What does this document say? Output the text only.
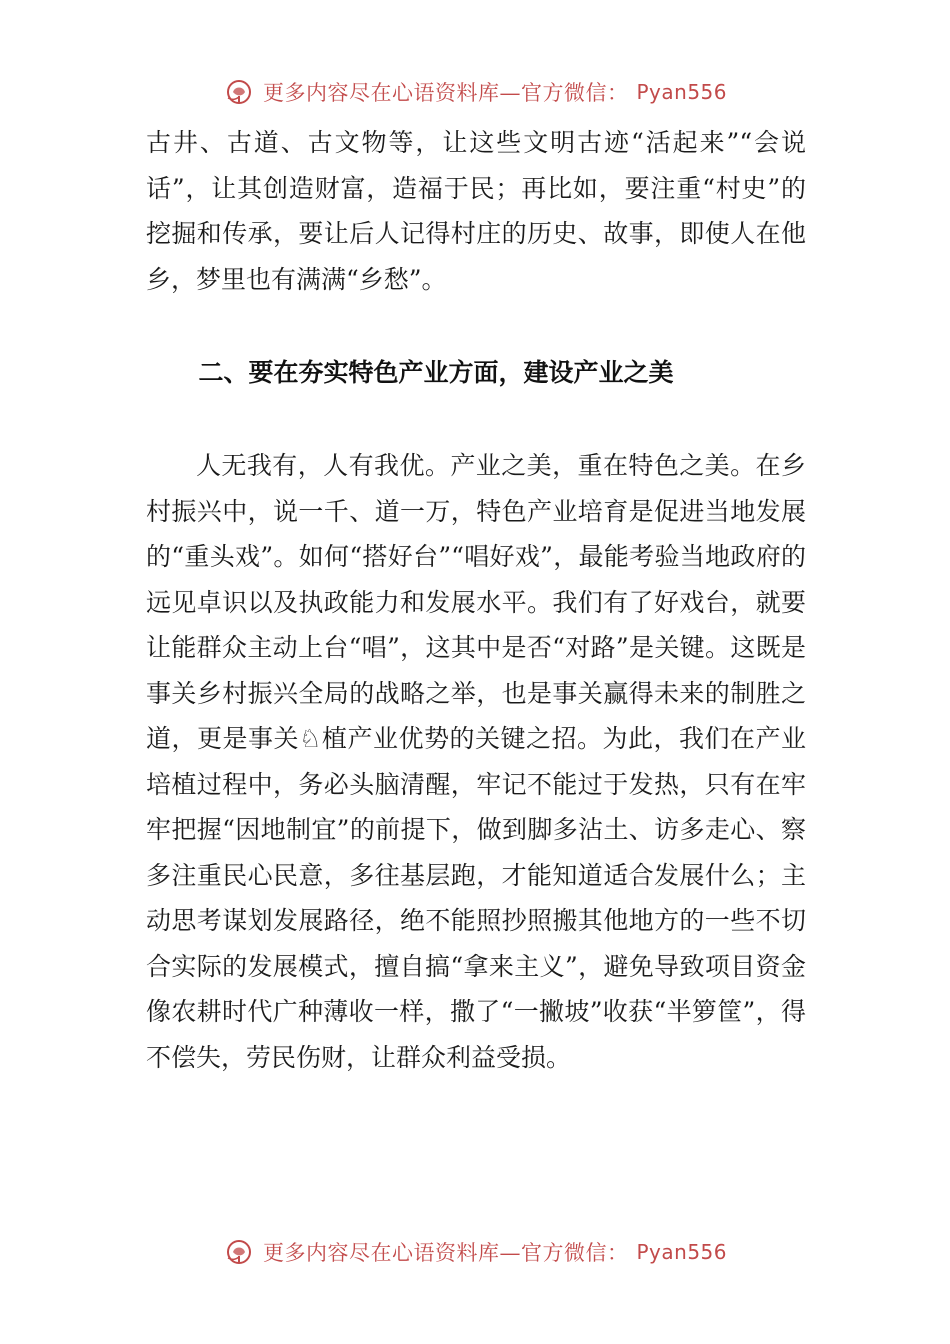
更多内容尽在心语资料库—官方微信： Pyan556

古井、古道、古文物等，让这些文明古迹“活起来”“会说话”，让其创造财富，造福于民；再比如，要注重“村史”的挖掘和传承，要让后人记得村庄的历史、故事，即使人在他乡，梦里也有满满“乡愁”。

二、要在夯实特色产业方面，建设产业之美

人无我有，人有我优。产业之美，重在特色之美。在乡村振兴中，说一千、道一万，特色产业培育是促进当地发展的“重头戏”。如何“搭好台”“唱好戏”，最能考验当地政府的远见卓识以及执政能力和发展水平。我们有了好戏台，就要让能群众主动上台“唱”，这其中是否“对路”是关键。这既是事关乡村振兴全局的战略之举，也是事关赢得未来的制胜之道，更是事关♘植产业优势的关键之招。为此，我们在产业培植过程中，务必头脑清醒，牢记不能过于发热，只有在牢牢把握“因地制宜”的前提下，做到脚多沾土、访多走心、察多注重民心民意，多往基层跑，才能知道适合发展什么；主动思考谋划发展路径，绝不能照抄照搬其他地方的一些不切合实际的发展模式，擅自搞“拿来主义”，避免导致项目资金像农耕时代广种薄收一样，撒了“一撇坡”收获“半箩筐”，得不偿失，劳民伤财，让群众利益受损。

更多内容尽在心语资料库—官方微信： Pyan556
